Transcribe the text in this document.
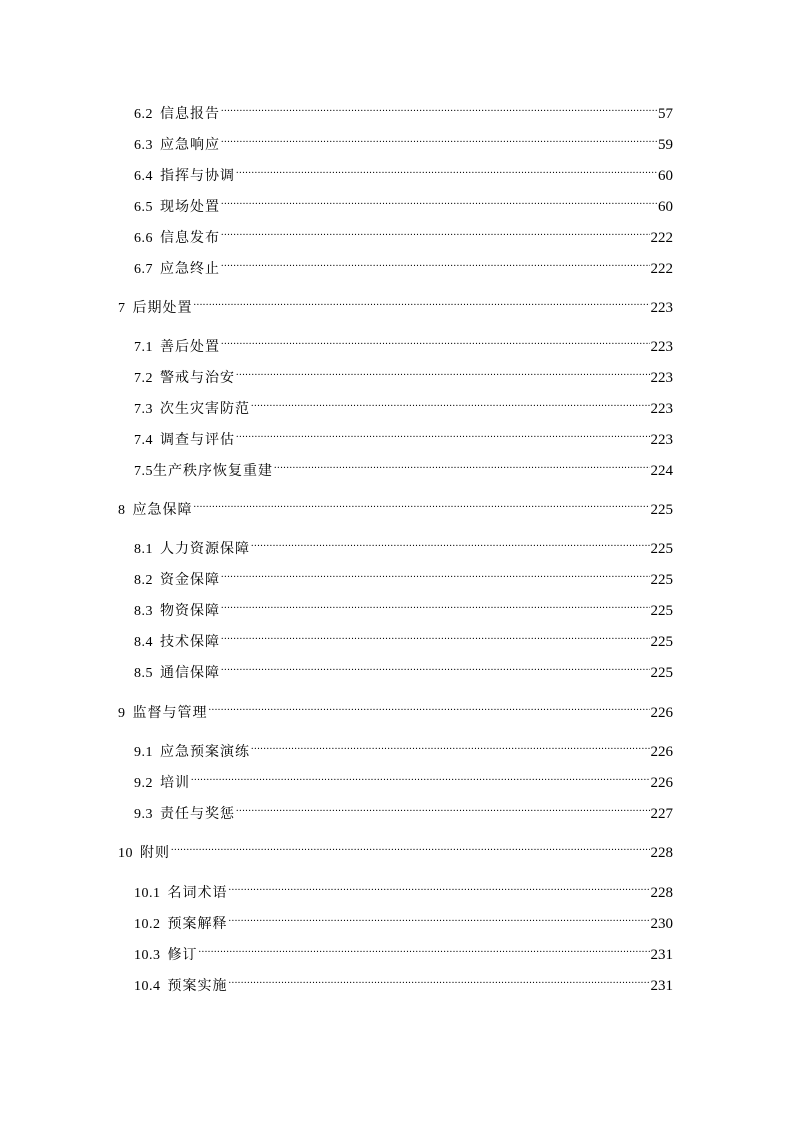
6.2 信息报告 .....	57
6.3 应急响应 .....	59
6.4 指挥与协调 .....	60
6.5 现场处置 .....	60
6.6 信息发布 .....	222
6.7 应急终止 .....	222
7 后期处置 .....	223
7.1 善后处置 .....	223
7.2 警戒与治安 .....	223
7.3 次生灾害防范 .....	223
7.4 调查与评估 .....	223
7.5 生产秩序恢复重建 .....	224
8 应急保障 .....	225
8.1 人力资源保障 .....	225
8.2 资金保障 .....	225
8.3 物资保障 .....	225
8.4 技术保障 .....	225
8.5 通信保障 .....	225
9 监督与管理 .....	226
9.1 应急预案演练 .....	226
9.2 培训 .....	226
9.3 责任与奖惩 .....	227
10 附则 .....	228
10.1 名词术语 .....	228
10.2 预案解释 .....	230
10.3 修订 .....	231
10.4 预案实施 .....	231
